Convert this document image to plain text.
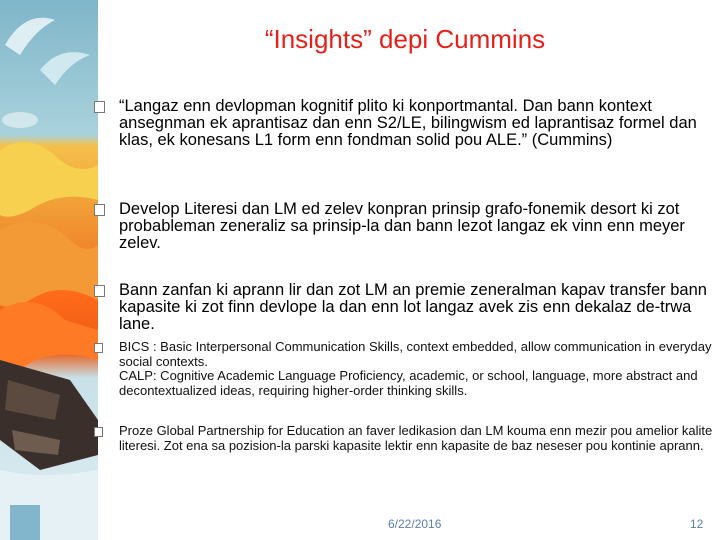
“Insights” depi Cummins
“Langaz enn devlopman kognitif plito ki konportmantal. Dan bann kontext ansegnman ek aprantisaz dan enn S2/LE, bilingwism ed laprantisaz formel dan klas, ek konesans L1 form enn fondman solid pou ALE.” (Cummins)
Develop Literesi dan LM ed zelev konpran prinsip grafo-fonemik desort ki zot probableman zeneraliz sa prinsip-la dan bann lezot langaz ek vinn enn meyer zelev.
Bann zanfan ki aprann lir dan zot LM an premie zeneralman kapav transfer bann kapasite ki zot finn devlope la dan enn lot langaz avek zis enn dekalaz de-trwa lane.
BICS : Basic Interpersonal Communication Skills, context embedded, allow communication in everyday social contexts.
CALP: Cognitive Academic Language Proficiency, academic, or school, language, more abstract and decontextualized ideas, requiring higher-order thinking skills.
Proze Global Partnership for Education an faver ledikasion dan LM kouma enn mezir pou amelior kalite literesi. Zot ena sa pozision-la parski kapasite lektir enn kapasite de baz neseser pou kontinie aprann.
6/22/2016	12
